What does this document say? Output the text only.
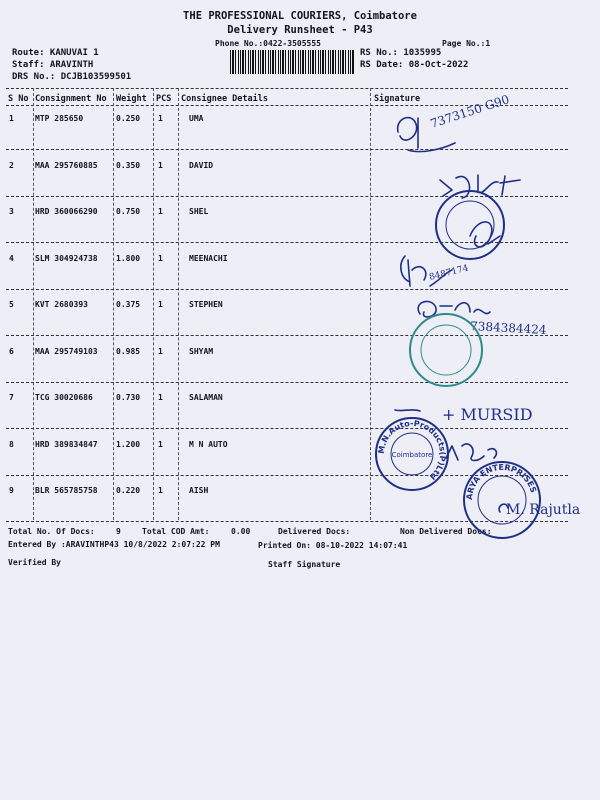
THE PROFESSIONAL COURIERS, Coimbatore
Delivery Runsheet - P43
Phone No.:0422-3505555	Page No.:1
Route: KANUVAI 1
Staff: ARAVINTH
DRS No.: DCJB103599501
RS No.: 1035995
RS Date: 08-Oct-2022
S No Consignment No Weight PCS Consignee Details	Signature
1	MTP 285650	0.250 1	UMA
2	MAA 295760885 0.350 1	DAVID
3	HRD 360066290 0.750 1	SHEL
4	SLM 304924738 1.800 1	MEENACHI
5	KVT 2680393	0.375 1	STEPHEN
6	MAA 295749103 0.985 1	SHYAM
7	TCG 30020686	0.730 1	SALAMAN
8	HRD 389834847 1.200 1	M N AUTO
9	BLR 565785758 0.220 1	AISH
Total No. Of Docs:	9	Total COD Amt:	0.00	Delivered Docs:	Non Delivered Docs:
Entered By :ARAVINTHP43 10/8/2022 2:07:22 PM	Printed On: 08-10-2022 14:07:41
Verified By	Staff Signature
7373150 G90
8487174
7384384424
+ MURSID
M. Rajutla
M.N.Auto-Products(P)Ltd
Coimbatore
ARYA ENTERPRISES
